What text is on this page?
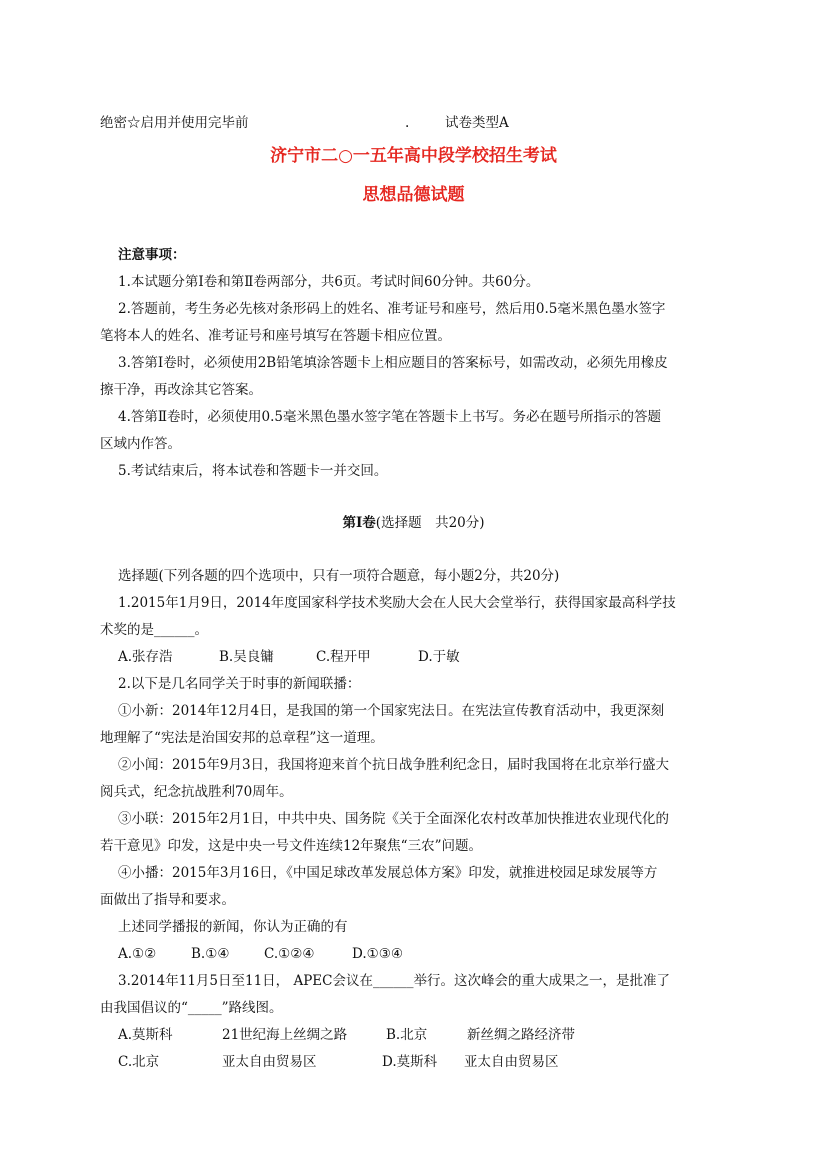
绝密☆启用并使用完毕前	.	试卷类型A
济宁市二○一五年高中段学校招生考试
思想品德试题
注意事项：
1.本试题分第Ⅰ卷和第Ⅱ卷两部分，共6页。考试时间60分钟。共60分。
2.答题前，考生务必先核对条形码上的姓名、准考证号和座号，然后用0.5毫米黑色墨水签字
笔将本人的姓名、准考证号和座号填写在答题卡相应位置。
3.答第Ⅰ卷时，必须使用2B铅笔填涂答题卡上相应题目的答案标号，如需改动，必须先用橡皮
擦干净，再改涂其它答案。
4.答第Ⅱ卷时，必须使用0.5毫米黑色墨水签字笔在答题卡上书写。务必在题号所指示的答题
区域内作答。
5.考试结束后，将本试卷和答题卡一并交回。
第Ⅰ卷(选择题　共20分)
选择题(下列各题的四个选项中，只有一项符合题意，每小题2分，共20分)
1.2015年1月9日，2014年度国家科学技术奖励大会在人民大会堂举行，获得国家最高科学技
术奖的是______。
A.张存浩	B.吴良镛	C.程开甲	D.于敏
2.以下是几名同学关于时事的新闻联播：
①小新：2014年12月4日，是我国的第一个国家宪法日。在宪法宣传教育活动中，我更深刻
地理解了“宪法是治国安邦的总章程”这一道理。
②小闻：2015年9月3日，我国将迎来首个抗日战争胜利纪念日，届时我国将在北京举行盛大
阅兵式，纪念抗战胜利70周年。
③小联：2015年2月1日，中共中央、国务院《关于全面深化农村改革加快推进农业现代化的
若干意见》印发，这是中央一号文件连续12年聚焦“三农”问题。
④小播：2015年3月16日，《中国足球改革发展总体方案》印发，就推进校园足球发展等方
面做出了指导和要求。
上述同学播报的新闻，你认为正确的有
A.①②	B.①④	C.①②④	D.①③④
3.2014年11月5日至11日， APEC会议在______举行。这次峰会的重大成果之一，是批准了
由我国倡议的“_____”路线图。
A.莫斯科	21世纪海上丝绸之路	B.北京	新丝绸之路经济带
C.北京	亚太自由贸易区	D.莫斯科 亚太自由贸易区
